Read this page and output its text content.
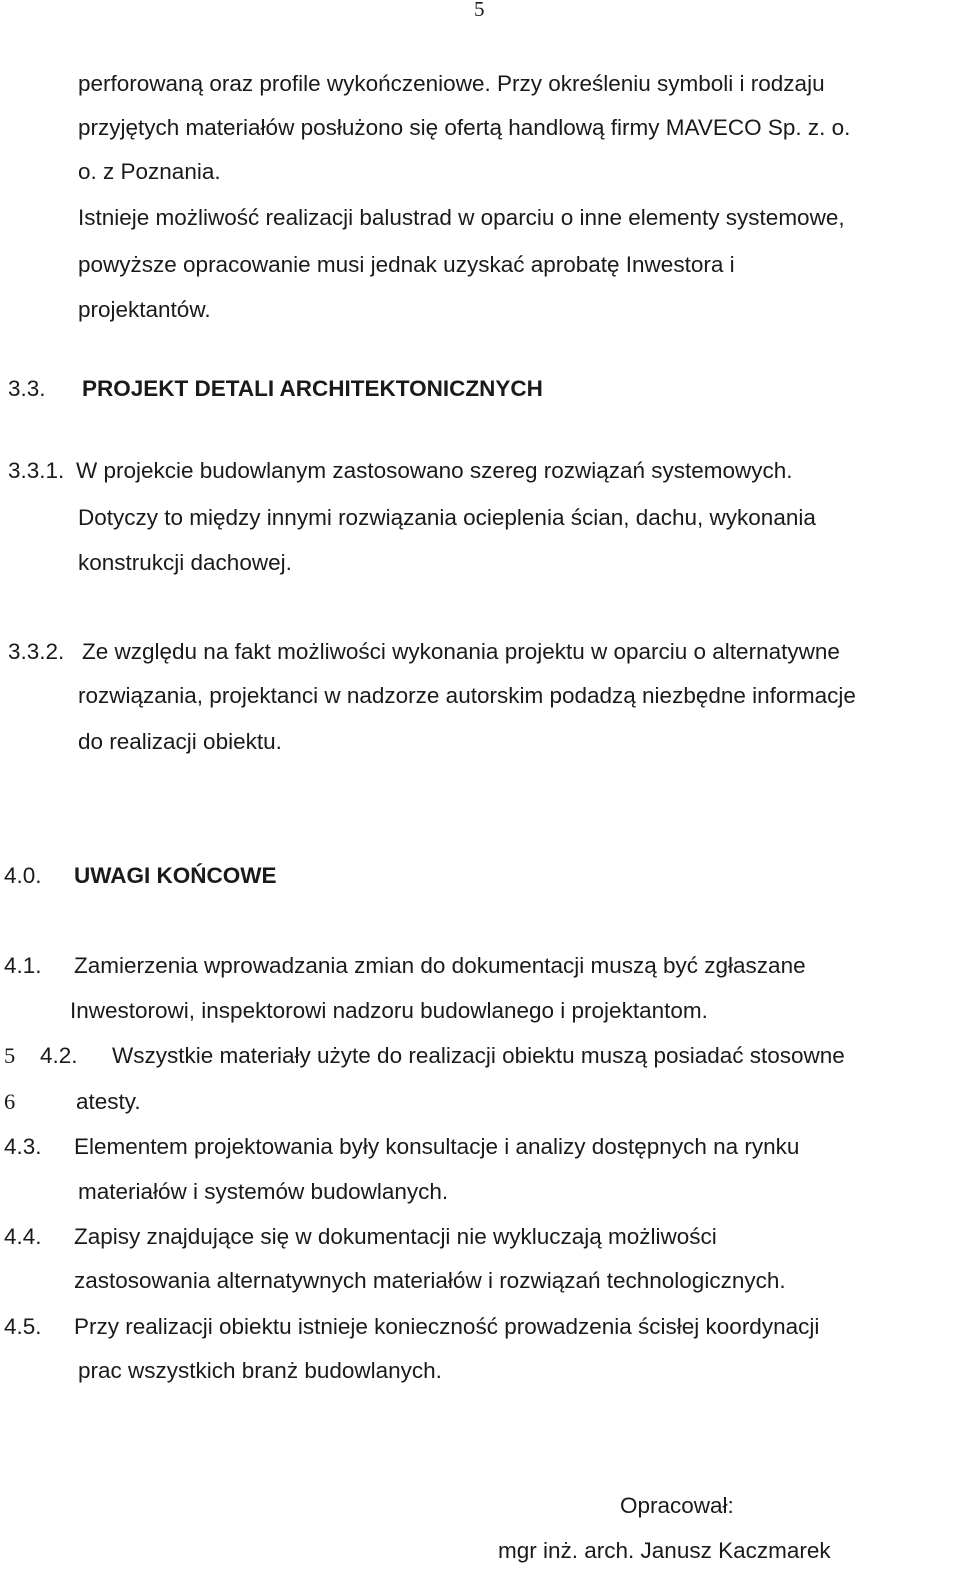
5
perforowaną oraz profile wykończeniowe. Przy określeniu symboli i rodzaju
przyjętych materiałów posłużono się ofertą handlową firmy MAVECO Sp. z. o.
o. z Poznania.
Istnieje możliwość realizacji balustrad w oparciu o inne elementy systemowe,
powyższe opracowanie musi jednak uzyskać aprobatę Inwestora i
projektantów.
3.3. PROJEKT DETALI ARCHITEKTONICZNYCH
3.3.1. W projekcie budowlanym zastosowano szereg rozwiązań systemowych.
Dotyczy to między innymi rozwiązania ocieplenia ścian, dachu, wykonania
konstrukcji dachowej.
3.3.2. Ze względu na fakt możliwości wykonania projektu w oparciu o alternatywne
rozwiązania, projektanci w nadzorze autorskim podadzą niezbędne informacje
do realizacji obiektu.
4.0. UWAGI KOŃCOWE
4.1. Zamierzenia wprowadzania zmian do dokumentacji muszą być zgłaszane
Inwestorowi, inspektorowi nadzoru budowlanego i projektantom.
5 4.2. Wszystkie materiały użyte do realizacji obiektu muszą posiadać stosowne
6	atesty.
4.3. Elementem projektowania były konsultacje i analizy dostępnych na rynku
materiałów i systemów budowlanych.
4.4. Zapisy znajdujące się w dokumentacji nie wykluczają możliwości
zastosowania alternatywnych materiałów i rozwiązań technologicznych.
4.5. Przy realizacji obiektu istnieje konieczność prowadzenia ścisłej koordynacji
prac wszystkich branż budowlanych.
Opracował:
mgr inż. arch. Janusz Kaczmarek
